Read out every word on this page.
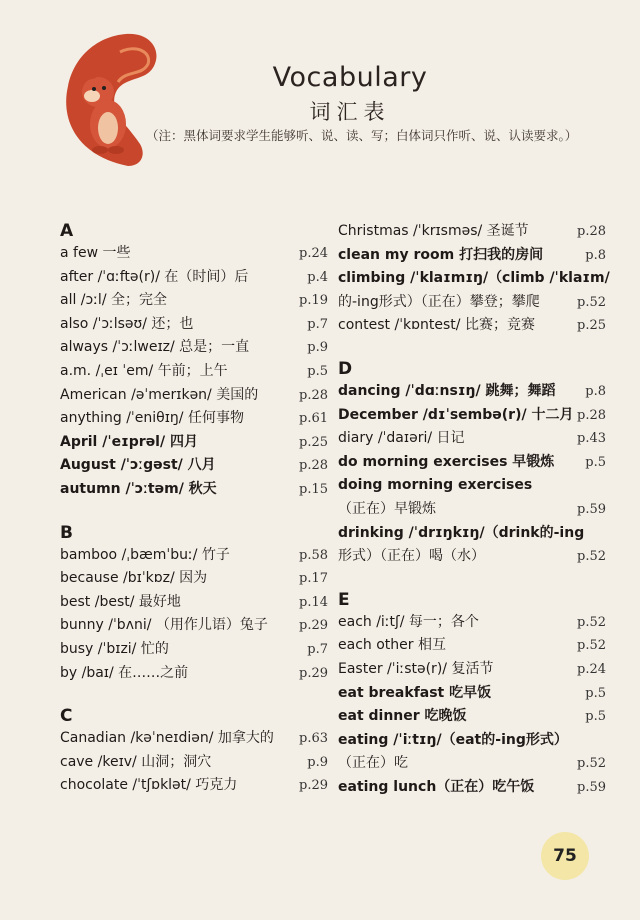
Vocabulary
词汇表
（注：黑体词要求学生能够听、说、读、写；白体词只作听、说、认读要求。）
A
a few 一些	p.24
after /ˈɑːftə(r)/ 在（时间）后	p.4
all /ɔːl/ 全；完全	p.19
also /ˈɔːlsəʊ/ 还；也	p.7
always /ˈɔːlweɪz/ 总是；一直	p.9
a.m. /ˌeɪ ˈem/ 午前；上午	p.5
American /əˈmerɪkən/ 美国的	p.28
anything /ˈeniθɪŋ/ 任何事物	p.61
April /ˈeɪprəl/ 四月	p.25
August /ˈɔːgəst/ 八月	p.28
autumn /ˈɔːtəm/ 秋天	p.15
B
bamboo /ˌbæmˈbuː/ 竹子	p.58
because /bɪˈkɒz/ 因为	p.17
best /best/ 最好地	p.14
bunny /ˈbʌni/ （用作儿语）兔子 p.29
busy /ˈbɪzi/ 忙的	p.7
by /baɪ/ 在……之前	p.29
C
Canadian /kəˈneɪdiən/ 加拿大的 p.63
cave /keɪv/ 山洞；洞穴	p.9
chocolate /ˈtʃɒklət/ 巧克力	p.29
Christmas /ˈkrɪsməs/ 圣诞节	p.28
clean my room 打扫我的房间	p.8
climbing /ˈklaɪmɪŋ/（climb /ˈklaɪm/
的-ing形式）（正在）攀登；攀爬	p.52
contest /ˈkɒntest/ 比赛；竞赛	p.25
D
dancing /ˈdɑːnsɪŋ/ 跳舞；舞蹈 p.8
December /dɪˈsembə(r)/ 十二月 p.28
diary /ˈdaɪəri/ 日记	p.43
do morning exercises 早锻炼 p.5
doing morning exercises
（正在）早锻炼	p.59
drinking /ˈdrɪŋkɪŋ/（drink的-ing
形式）（正在）喝（水）	p.52
E
each /iːtʃ/ 每一；各个	p.52
each other 相互	p.52
Easter /ˈiːstə(r)/ 复活节	p.24
eat breakfast 吃早饭	p.5
eat dinner 吃晚饭	p.5
eating /ˈiːtɪŋ/（eat的-ing形式）
（正在）吃	p.52
eating lunch（正在）吃午饭	p.59
75
